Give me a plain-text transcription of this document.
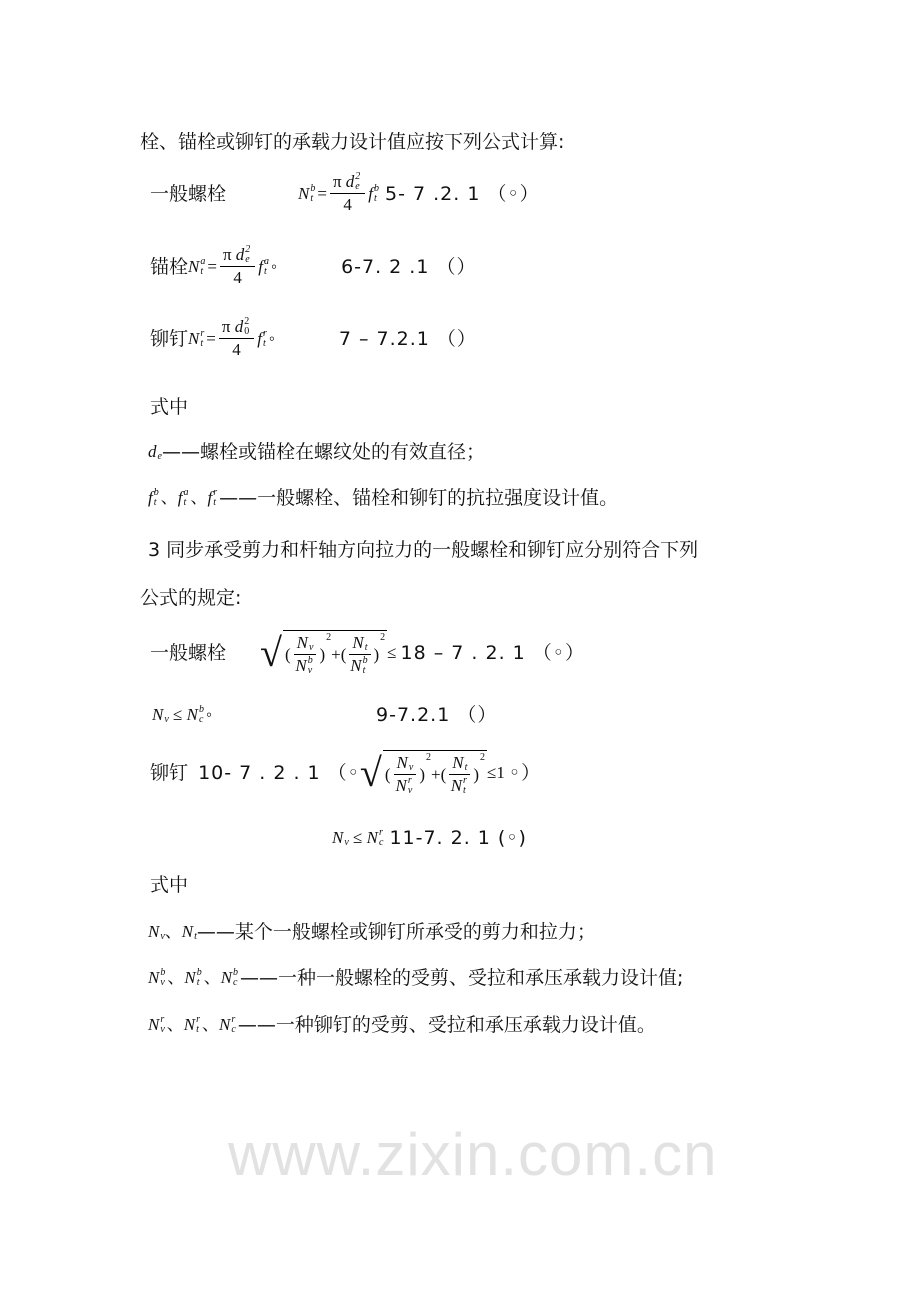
www.zixin.com.cn
栓、锚栓或铆钉的承载力设计值应按下列公式计算:
一般螺栓	N b
t = π
d 2
e
4 f b
t 5- 7 .2. 1 （◦）
锚栓 N a
t = π
d 2
e
4 f a
t ◦	6-7. 2 .1 （）
铆钉 N r
t = π
d 2
0
4 f r
t ◦	7 – 7.2.1 （）
式中
d e ——螺栓或锚栓在螺纹处的有效直径；
f b
t 、 f a
t 、 f r
t ——一般螺栓、锚栓和铆钉的抗拉强度设计值。
3 同步承受剪力和杆轴方向拉力的一般螺栓和铆钉应分别符合下列
公式的规定:
一般螺栓 √ ( N v
N b
v )
2
+ ( N t
N b
t )
2
≤ 18 – 7 . 2. 1 （◦）
N v
≤
N b
c ◦	9-7.2.1 （）
铆钉
10- 7 . 2 . 1 （◦ √ ( N v
N r
v )
2
+ ( N t
N r
t )
2
≤ 1 ◦）
N v
≤
N r
c 11-7. 2. 1 (◦)
式中
N v 、 N t ——某个一般螺栓或铆钉所承受的剪力和拉力；
N b
v 、 N b
t 、 N b
c ——一种一般螺栓的受剪、受拉和承压承载力设计值;
N r
v 、 N r
t 、 N r
c ——一种铆钉的受剪、受拉和承压承载力设计值。
